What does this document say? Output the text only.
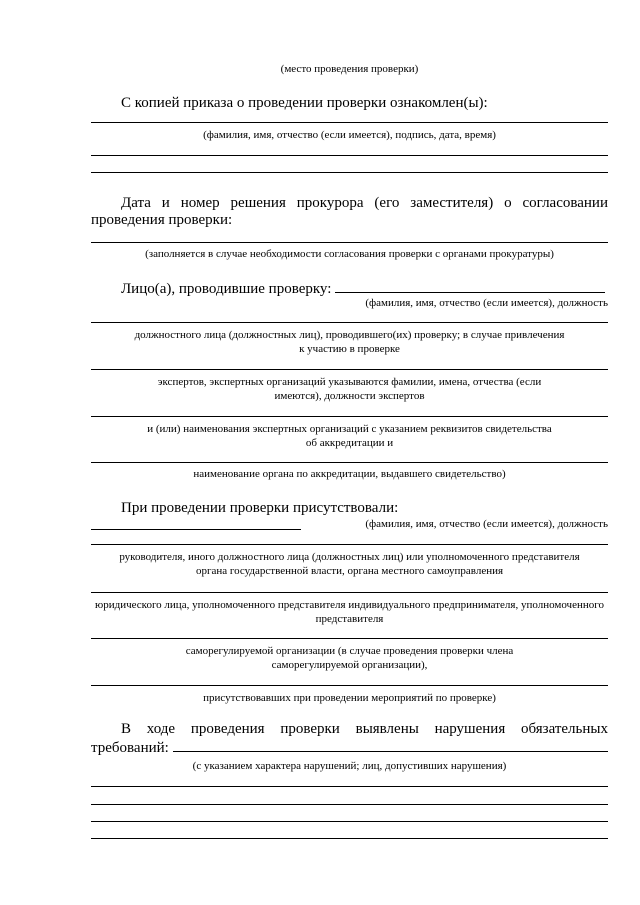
(место проведения проверки)
С копией приказа о проведении проверки ознакомлен(ы):
(фамилия, имя, отчество (если имеется), подпись, дата, время)
Дата и номер решения прокурора (его заместителя) о согласовании
проведения проверки:
(заполняется в случае необходимости согласования проверки с органами прокуратуры)
Лицо(а), проводившие проверку:
(фамилия, имя, отчество (если имеется), должность
должностного лица (должностных лиц), проводившего(их) проверку; в случае привлечения к участию в проверке
экспертов, экспертных организаций указываются фамилии, имена, отчества (если имеются), должности экспертов
и (или) наименования экспертных организаций с указанием реквизитов свидетельства об аккредитации и
наименование органа по аккредитации, выдавшего свидетельство)
При проведении проверки присутствовали:
(фамилия, имя, отчество (если имеется), должность
руководителя, иного должностного лица (должностных лиц) или уполномоченного представителя органа государственной власти, органа местного самоуправления
юридического лица, уполномоченного представителя индивидуального предпринимателя, уполномоченного представителя
саморегулируемой организации (в случае проведения проверки члена саморегулируемой организации),
присутствовавших при проведении мероприятий по проверке)
В ходе проведения проверки выявлены нарушения обязательных
требований:
(с указанием характера нарушений; лиц, допустивших нарушения)
